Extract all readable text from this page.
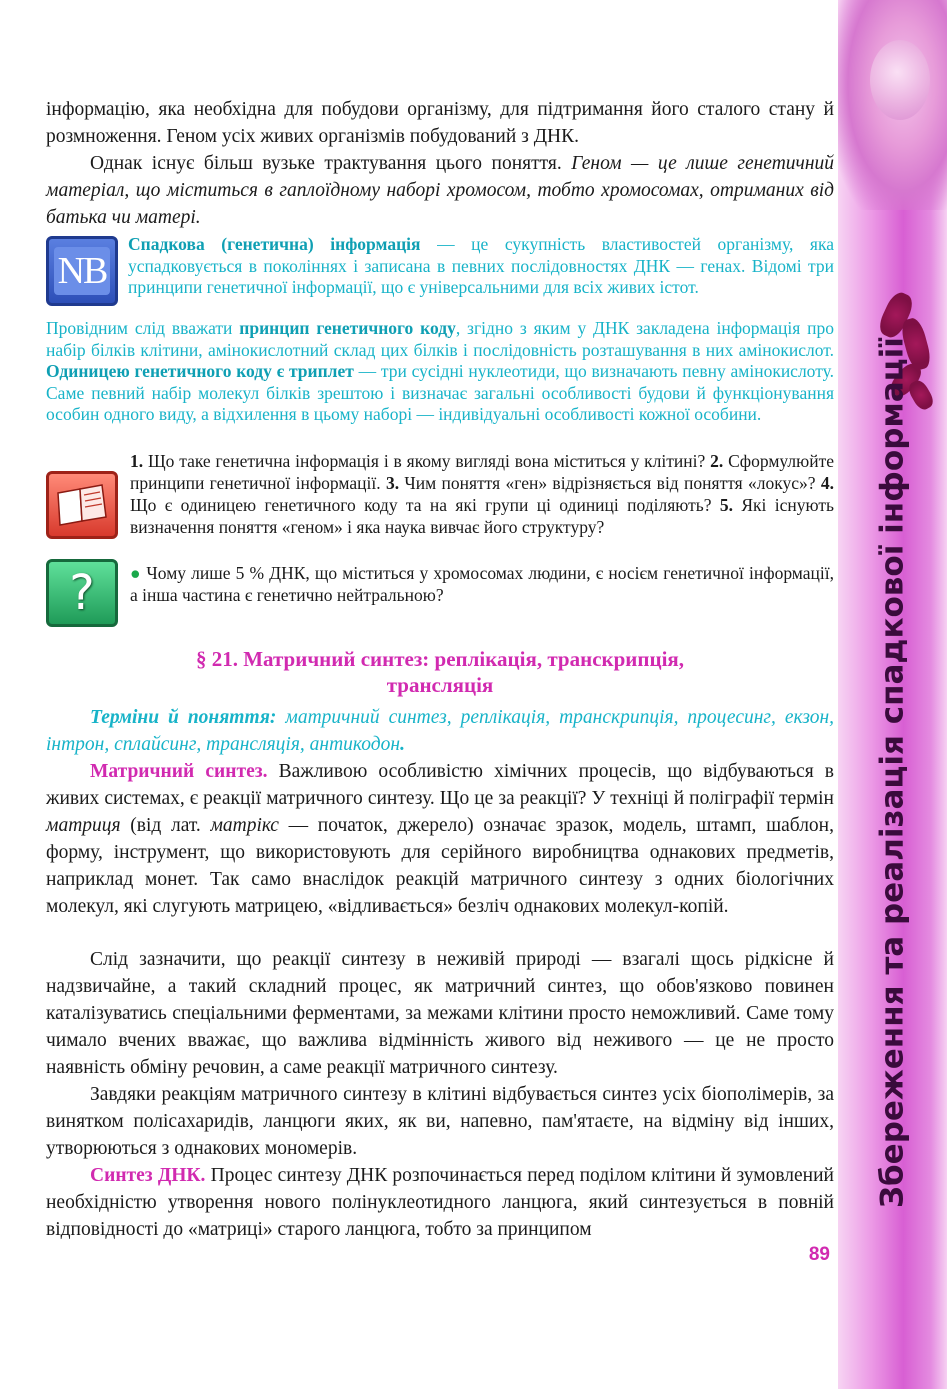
Збереження та реалізація спадкової інформації
інформацію, яка необхідна для побудови організму, для підтримання його сталого стану й розмноження. Геном усіх живих організмів побудований з ДНК.
Однак існує більш вузьке трактування цього поняття. Геном — це лише генетичний матеріал, що міститься в гаплоїдному наборі хромосом, тобто хромосомах, отриманих від батька чи матері.
NB
Спадкова (генетична) інформація — це сукупність властивостей організму, яка успадковується в поколіннях і записана в певних послідовностях ДНК — генах. Відомі три принципи генетичної інформації, що є універсальними для всіх живих істот.
Провідним слід вважати принцип генетичного коду, згідно з яким у ДНК закладена інформація про набір білків клітини, амінокислотний склад цих білків і послідовність розташування в них амінокислот. Одиницею генетичного коду є триплет — три сусідні нуклеотиди, що визначають певну амінокислоту. Саме певний набір молекул білків зрештою і визначає загальні особливості будови й функціонування особин одного виду, а відхилення в цьому наборі — індивідуальні особливості кожної особини.
1. Що таке генетична інформація і в якому вигляді вона міститься у клітині? 2. Сформулюйте принципи генетичної інформації. 3. Чим поняття «ген» відрізняється від поняття «локус»? 4. Що є одиницею генетичного коду та на які групи ці одиниці поділяють? 5. Які існують визначення поняття «геном» і яка наука вивчає його структуру?
? ● Чому лише 5 % ДНК, що міститься у хромосомах людини, є носієм генетичної інформації, а інша частина є генетично нейтральною?
§ 21. Матричний синтез: реплікація, транскрипція,
трансляція
Терміни й поняття: матричний синтез, реплікація, транскрипція, процесинг, екзон, інтрон, сплайсинг, трансляція, антикодон.
Матричний синтез. Важливою особливістю хімічних процесів, що відбуваються в живих системах, є реакції матричного синтезу. Що це за реакції? У техніці й поліграфії термін матриця (від лат. матрікс — початок, джерело) означає зразок, модель, штамп, шаблон, форму, інструмент, що використовують для серійного виробництва однакових предметів, наприклад монет. Так само внаслідок реакцій матричного синтезу з одних біологічних молекул, які слугують матрицею, «відливається» безліч однакових молекул-копій.
Слід зазначити, що реакції синтезу в неживій природі — взагалі щось рідкісне й надзвичайне, а такий складний процес, як матричний синтез, що обов'язково повинен каталізуватись спеціальними ферментами, за межами клітини просто неможливий. Саме тому чимало вчених вважає, що важлива відмінність живого від неживого — це не просто наявність обміну речовин, а саме реакції матричного синтезу.
Завдяки реакціям матричного синтезу в клітині відбувається синтез усіх біополімерів, за винятком полісахаридів, ланцюги яких, як ви, напевно, пам'ятаєте, на відміну від інших, утворюються з однакових мономерів.
Синтез ДНК. Процес синтезу ДНК розпочинається перед поділом клітини й зумовлений необхідністю утворення нового полінуклеотидного ланцюга, який синтезується в повній відповідності до «матриці» старого ланцюга, тобто за принципом
89
